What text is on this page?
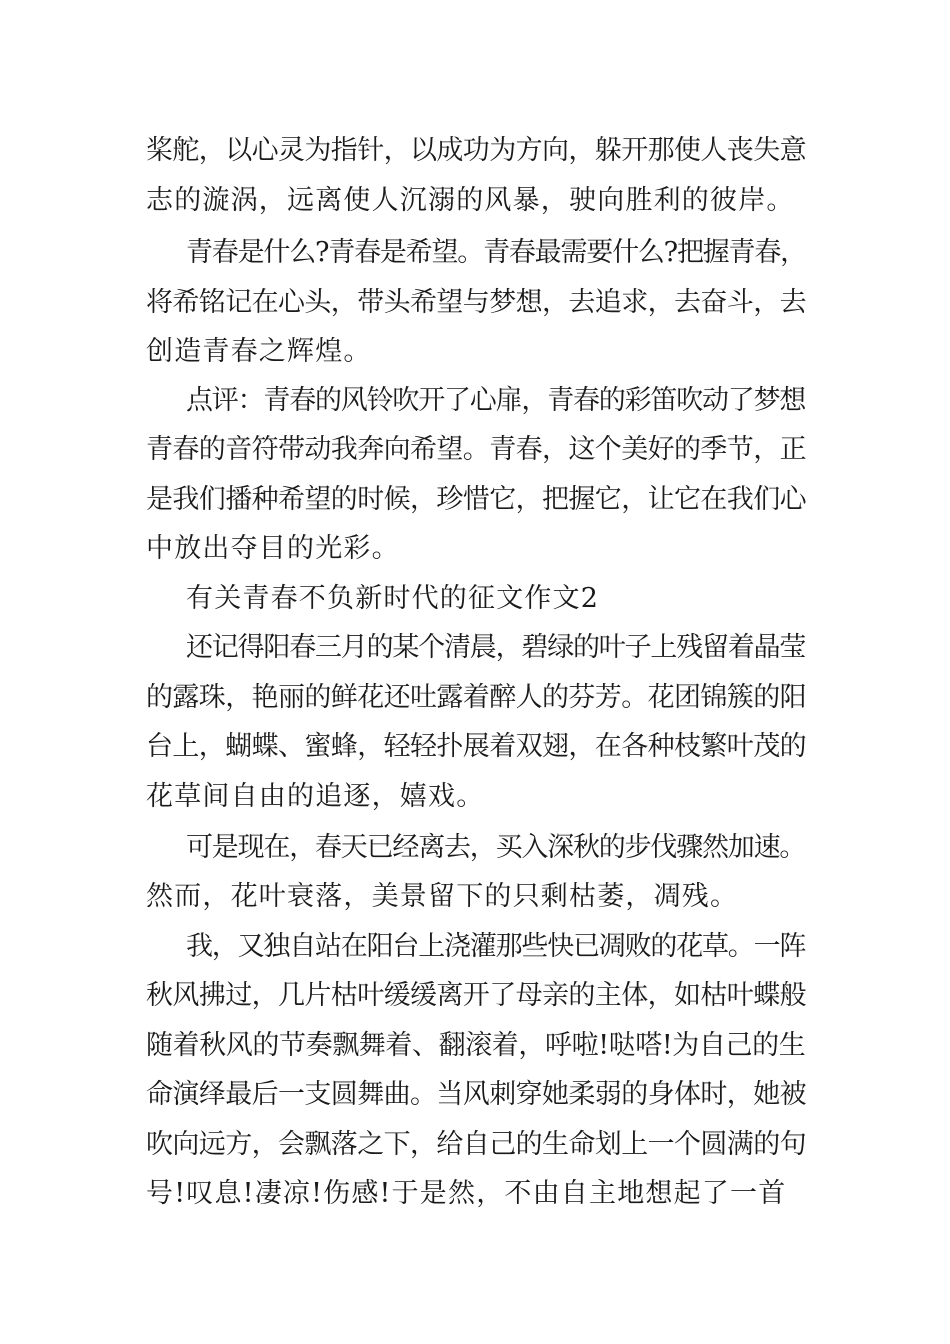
桨舵，以心灵为指针，以成功为方向，躲开那使人丧失意
志的漩涡，远离使人沉溺的风暴，驶向胜利的彼岸。
青春是什么?青春是希望。青春最需要什么?把握青春，
将希铭记在心头，带头希望与梦想，去追求，去奋斗，去
创造青春之辉煌。
点评：青春的风铃吹开了心扉，青春的彩笛吹动了梦想
青春的音符带动我奔向希望。青春，这个美好的季节，正
是我们播种希望的时候，珍惜它，把握它，让它在我们心
中放出夺目的光彩。
有关青春不负新时代的征文作文2
还记得阳春三月的某个清晨，碧绿的叶子上残留着晶莹
的露珠，艳丽的鲜花还吐露着醉人的芬芳。花团锦簇的阳
台上，蝴蝶、蜜蜂，轻轻扑展着双翅，在各种枝繁叶茂的
花草间自由的追逐，嬉戏。
可是现在，春天已经离去，买入深秋的步伐骤然加速。
然而，花叶衰落，美景留下的只剩枯萎，凋残。
我，又独自站在阳台上浇灌那些快已凋败的花草。一阵
秋风拂过，几片枯叶缓缓离开了母亲的主体，如枯叶蝶般
随着秋风的节奏飘舞着、翻滚着，呼啦!哒嗒!为自己的生
命演绎最后一支圆舞曲。当风刺穿她柔弱的身体时，她被
吹向远方，会飘落之下，给自己的生命划上一个圆满的句
号!叹息!凄凉!伤感!于是然，不由自主地想起了一首
